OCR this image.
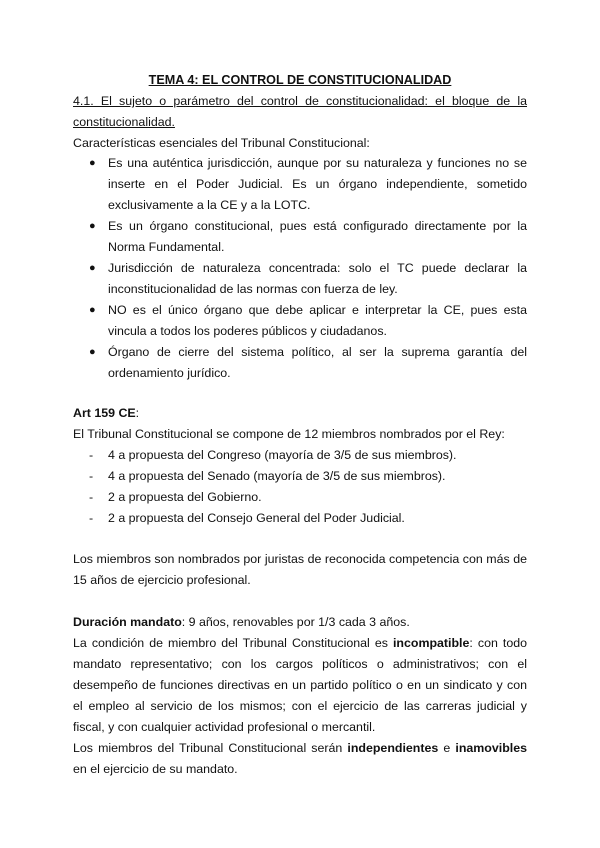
TEMA 4: EL CONTROL DE CONSTITUCIONALIDAD
4.1. El sujeto o parámetro del control de constitucionalidad: el bloque de la constitucionalidad.
Características esenciales del Tribunal Constitucional:
● Es una auténtica jurisdicción, aunque por su naturaleza y funciones no se inserte en el Poder Judicial. Es un órgano independiente, sometido exclusivamente a la CE y a la LOTC.
● Es un órgano constitucional, pues está configurado directamente por la Norma Fundamental.
● Jurisdicción de naturaleza concentrada: solo el TC puede declarar la inconstitucionalidad de las normas con fuerza de ley.
● NO es el único órgano que debe aplicar e interpretar la CE, pues esta vincula a todos los poderes públicos y ciudadanos.
● Órgano de cierre del sistema político, al ser la suprema garantía del ordenamiento jurídico.
Art 159 CE:
El Tribunal Constitucional se compone de 12 miembros nombrados por el Rey:
- 4 a propuesta del Congreso (mayoría de 3/5 de sus miembros).
- 4 a propuesta del Senado (mayoría de 3/5 de sus miembros).
- 2 a propuesta del Gobierno.
- 2 a propuesta del Consejo General del Poder Judicial.
Los miembros son nombrados por juristas de reconocida competencia con más de 15 años de ejercicio profesional.
Duración mandato: 9 años, renovables por 1/3 cada 3 años.
La condición de miembro del Tribunal Constitucional es incompatible: con todo mandato representativo; con los cargos políticos o administrativos; con el desempeño de funciones directivas en un partido político o en un sindicato y con el empleo al servicio de los mismos; con el ejercicio de las carreras judicial y fiscal, y con cualquier actividad profesional o mercantil.
Los miembros del Tribunal Constitucional serán independientes e inamovibles en el ejercicio de su mandato.
